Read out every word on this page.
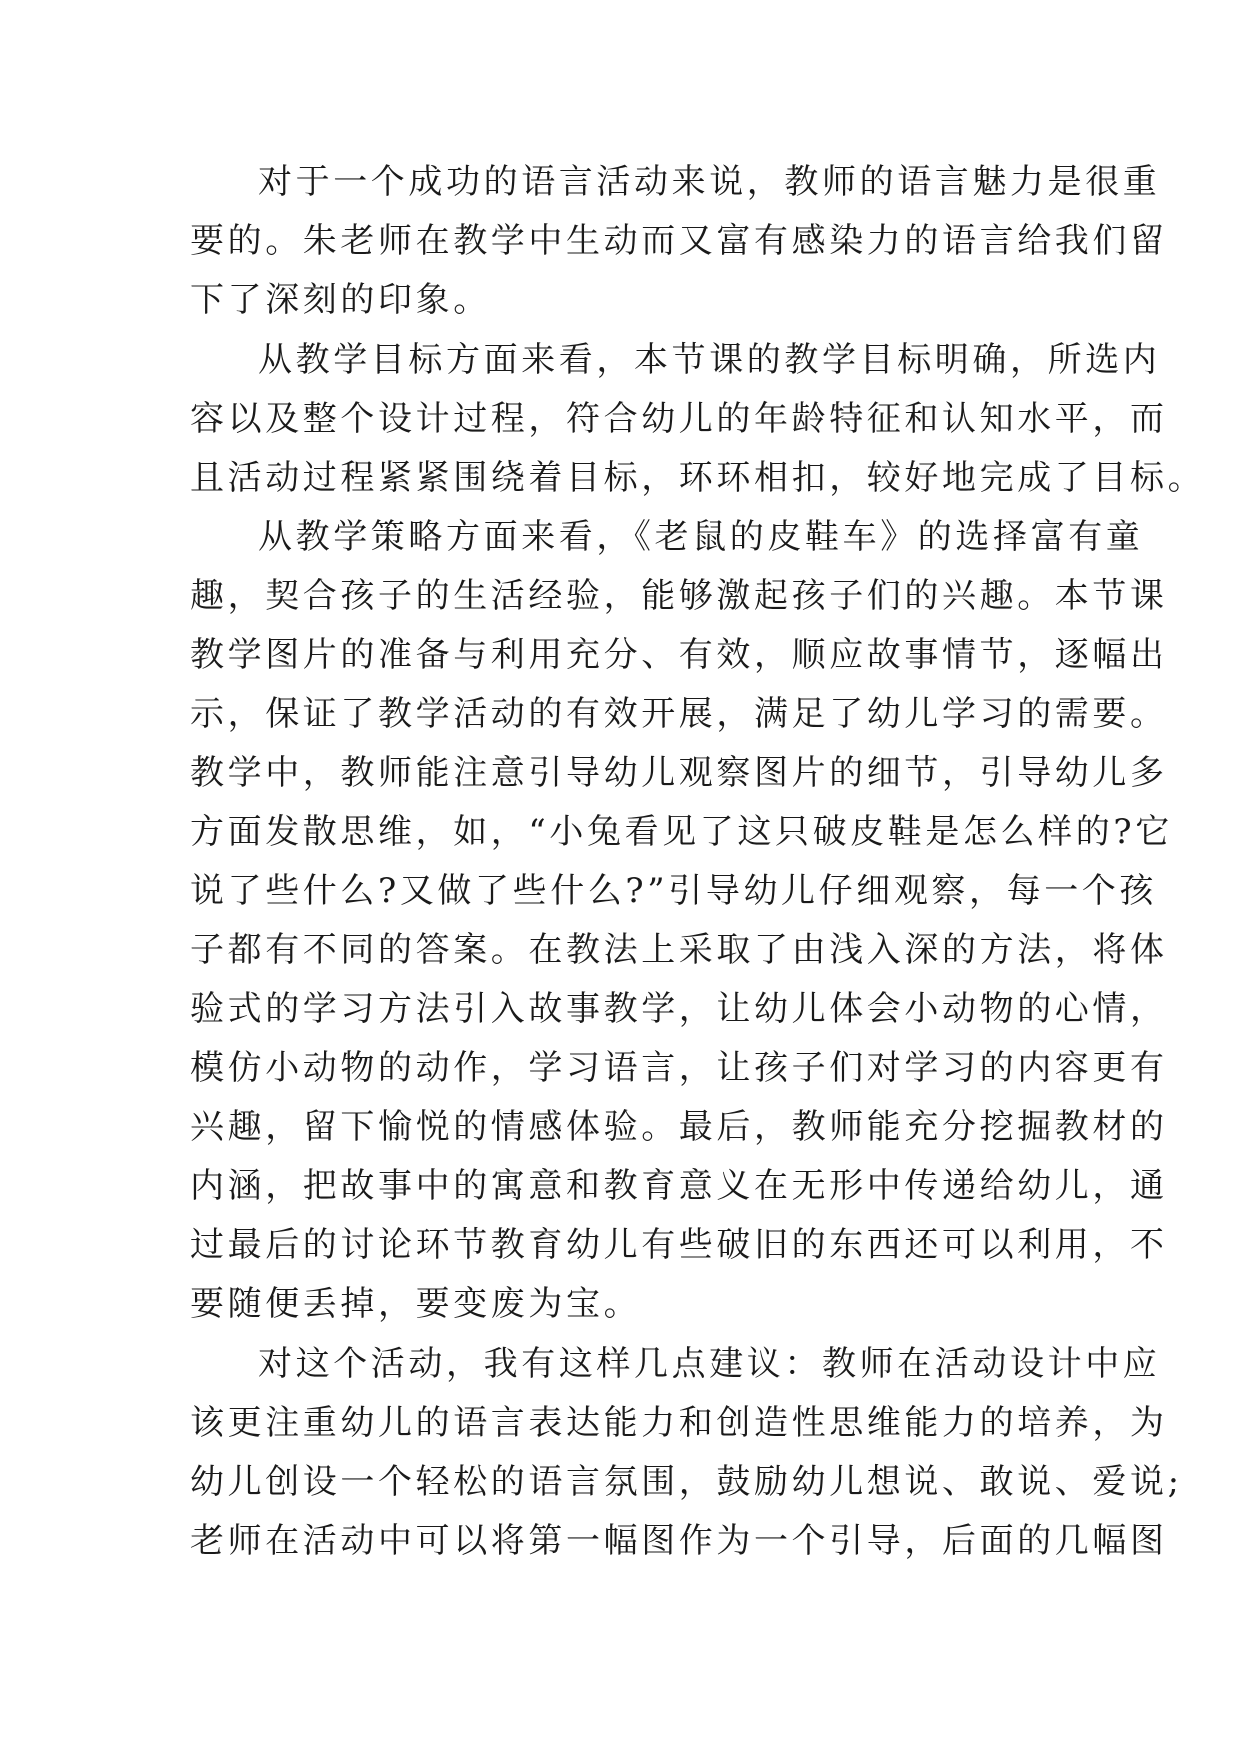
对于一个成功的语言活动来说，教师的语言魅力是很重
要的。朱老师在教学中生动而又富有感染力的语言给我们留
下了深刻的印象。
从教学目标方面来看，本节课的教学目标明确，所选内
容以及整个设计过程，符合幼儿的年龄特征和认知水平，而
且活动过程紧紧围绕着目标，环环相扣，较好地完成了目标。
从教学策略方面来看，《老鼠的皮鞋车》的选择富有童
趣，契合孩子的生活经验，能够激起孩子们的兴趣。本节课
教学图片的准备与利用充分、有效，顺应故事情节，逐幅出
示，保证了教学活动的有效开展，满足了幼儿学习的需要。
教学中，教师能注意引导幼儿观察图片的细节，引导幼儿多
方面发散思维，如，“小兔看见了这只破皮鞋是怎么样的?它
说了些什么?又做了些什么?”引导幼儿仔细观察，每一个孩
子都有不同的答案。在教法上采取了由浅入深的方法，将体
验式的学习方法引入故事教学，让幼儿体会小动物的心情，
模仿小动物的动作，学习语言，让孩子们对学习的内容更有
兴趣，留下愉悦的情感体验。最后，教师能充分挖掘教材的
内涵，把故事中的寓意和教育意义在无形中传递给幼儿，通
过最后的讨论环节教育幼儿有些破旧的东西还可以利用，不
要随便丢掉，要变废为宝。
对这个活动，我有这样几点建议：教师在活动设计中应
该更注重幼儿的语言表达能力和创造性思维能力的培养，为
幼儿创设一个轻松的语言氛围，鼓励幼儿想说、敢说、爱说;
老师在活动中可以将第一幅图作为一个引导，后面的几幅图
